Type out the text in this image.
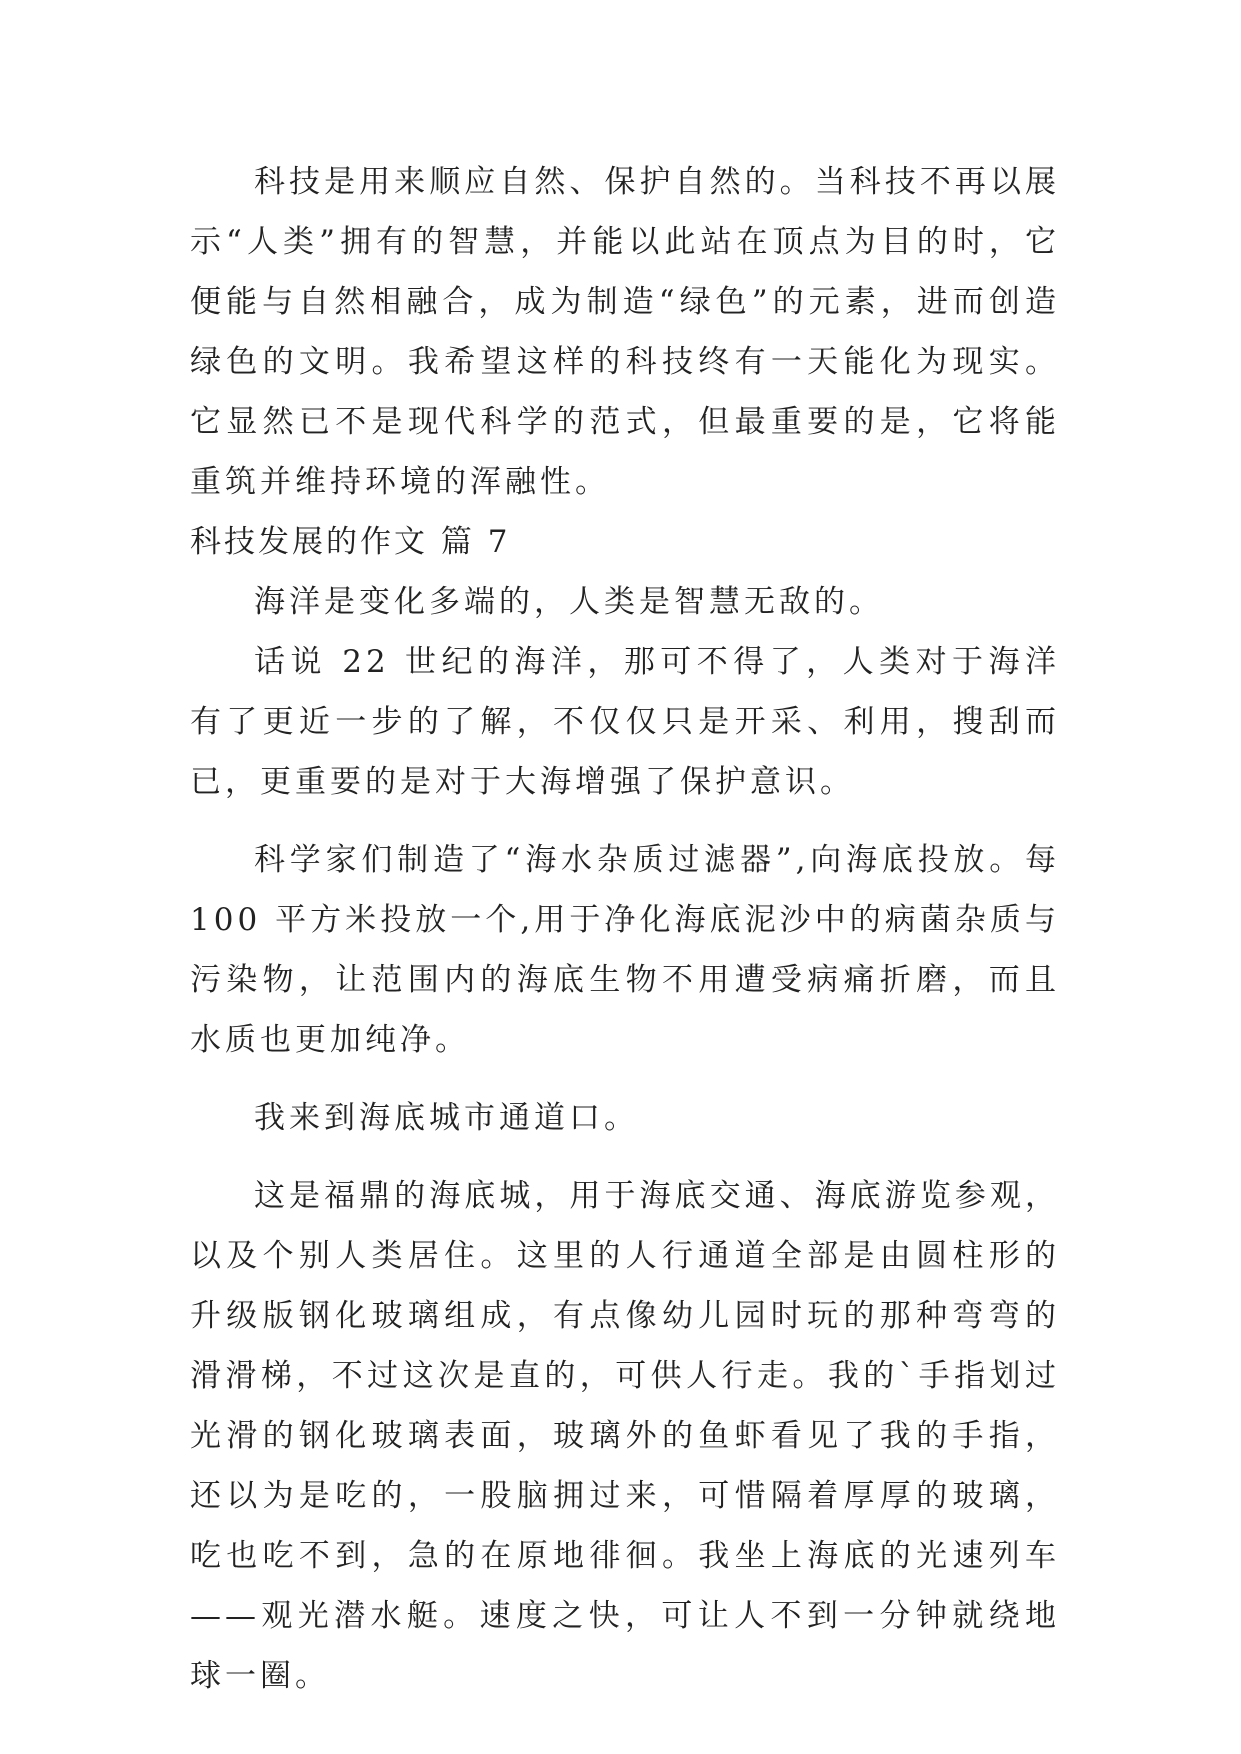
科技是用来顺应自然、保护自然的。当科技不再以展示“人类”拥有的智慧，并能以此站在顶点为目的时，它便能与自然相融合，成为制造“绿色”的元素，进而创造绿色的文明。我希望这样的科技终有一天能化为现实。它显然已不是现代科学的范式，但最重要的是，它将能重筑并维持环境的浑融性。

科技发展的作文 篇 7

海洋是变化多端的，人类是智慧无敌的。

话说 22 世纪的海洋，那可不得了，人类对于海洋有了更近一步的了解，不仅仅只是开采、利用，搜刮而已，更重要的是对于大海增强了保护意识。

科学家们制造了“海水杂质过滤器”,向海底投放。每 100 平方米投放一个,用于净化海底泥沙中的病菌杂质与污染物，让范围内的海底生物不用遭受病痛折磨，而且水质也更加纯净。

我来到海底城市通道口。

这是福鼎的海底城，用于海底交通、海底游览参观，以及个别人类居住。这里的人行通道全部是由圆柱形的升级版钢化玻璃组成，有点像幼儿园时玩的那种弯弯的滑滑梯，不过这次是直的，可供人行走。我的`手指划过光滑的钢化玻璃表面，玻璃外的鱼虾看见了我的手指，还以为是吃的，一股脑拥过来，可惜隔着厚厚的玻璃，吃也吃不到，急的在原地徘徊。我坐上海底的光速列车——观光潜水艇。速度之快，可让人不到一分钟就绕地球一圈。
